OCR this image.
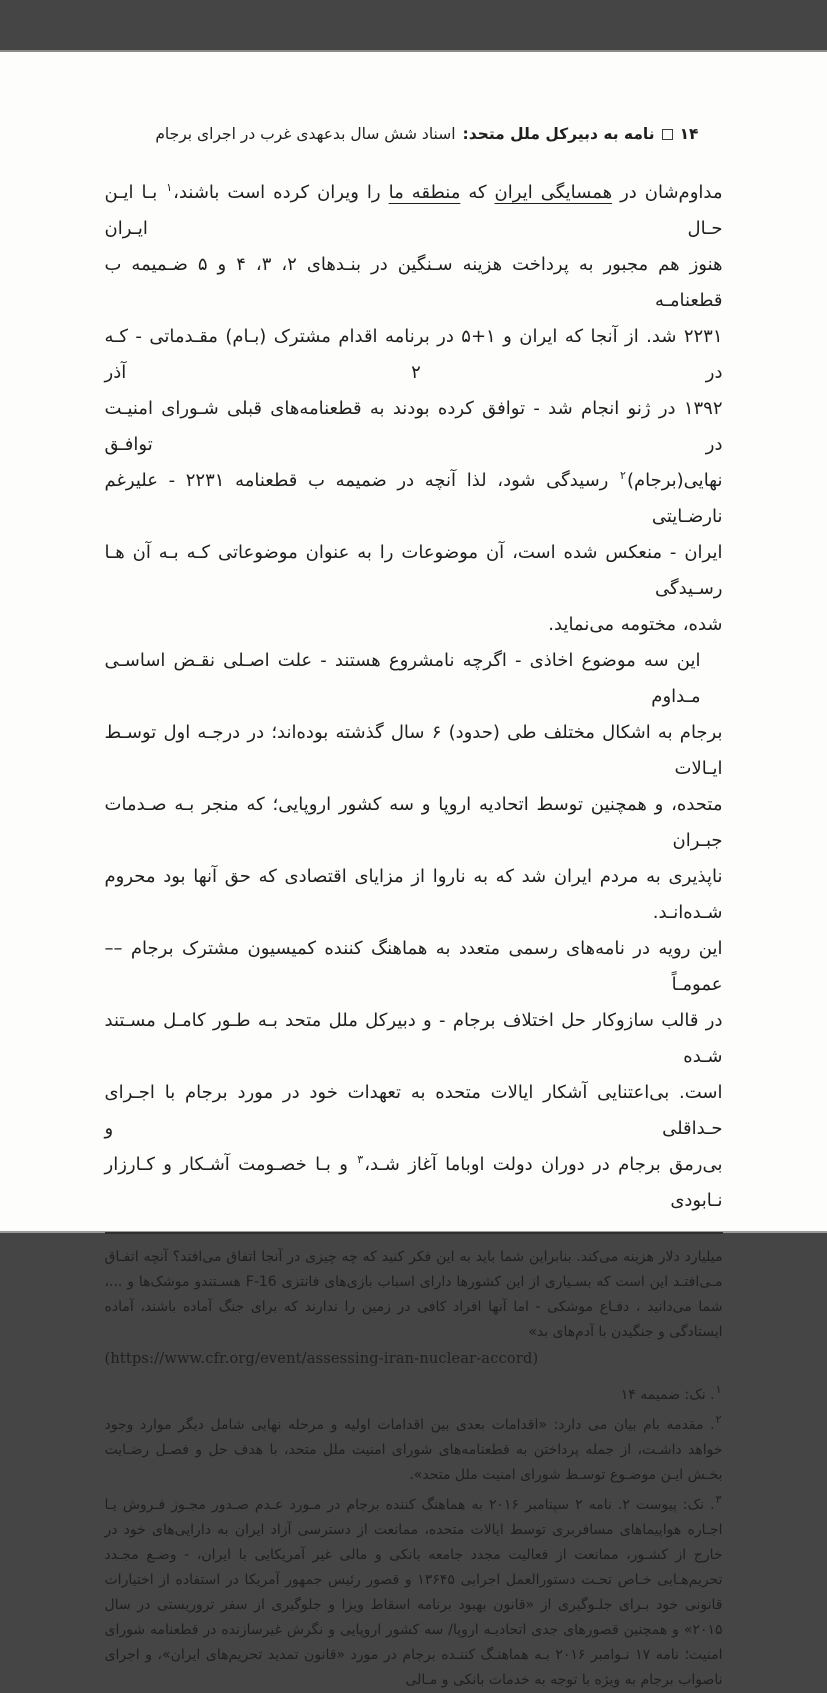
۱۴
نامه به دبیرکل ملل متحد:
اسناد شش سال بدعهدی غرب در اجرای برجام
مداوم‌شان در همسایگی ایران که منطقه ما را ویران کرده است باشند،$^۱$ بـا ایـن حـال ایـران
هنوز هم مجبور به پرداخت هزینه سـنگین در بنـدهای ۲، ۳، ۴ و ۵ ضـمیمه ب قطعنامـه
۲۲۳۱ شد. از آنجا که ایران و ۵+۱ در برنامه اقدام مشترک (بـام) مقـدماتی - کـه در ۲ آذر
۱۳۹۲ در ژنو انجام شد - توافق کرده بودند به قطعنامه‌های قبلی شـورای امنیـت در توافـق
نهایی(برجام)$^۲$ رسیدگی شود، لذا آنچه در ضمیمه ب قطعنامه ۲۲۳۱ - علیرغم نارضـایتی
ایران - منعکس شده است، آن موضوعات را به عنوان موضوعاتی کـه بـه آن هـا رسـیدگی
شده، مختومه می‌نماید.
این سه موضوع اخاذی - اگرچه نامشروع هستند - علت اصـلی نقـض اساسـی مـداوم
برجام به اشکال مختلف طی (حدود) ۶ سال گذشته بوده‌اند؛ در درجـه اول توسـط ایـالات
متحده، و همچنین توسط اتحادیه اروپا و سه کشور اروپایی؛ که منجر بـه صـدمات جبـران
ناپذیری به مردم ایران شد که به ناروا از مزایای اقتصادی که حق آنها بود محروم شـده‌انـد.
این رویه در نامه‌های رسمی متعدد به هماهنگ کننده کمیسیون مشترک برجام –– عمومـاً
در قالب سازوکار حل اختلاف برجام - و دبیرکل ملل متحد بـه طـور کامـل مسـتند شـده
است. بی‌اعتنایی آشکار ایالات متحده به تعهدات خود در مورد برجام با اجـرای حـداقلی و
بی‌رمق برجام در دوران دولت اوباما آغاز شـد،$^۳$ و بـا خصـومت آشـکار و کـارزار نـابودی
میلیارد دلار هزینه می‌کند. بنابراین شما باید به این فکر کنید که چه چیزی در آنجا اتفاق می‌افتد؟ آنچه اتفـاق مـی‌افتـد این است که بسـیاری از این کشورها دارای اسباب بازی‌های فانتزی F-16 هسـتندو موشک‌ها و ...، شما می‌دانید ، دفـاع موشکی - اما آنها افراد کافی در زمین را ندارند که برای جنگ آماده باشند، آماده ایستادگی و جنگیدن با آدم‌های بد»
(https://www.cfr.org/event/assessing-iran-nuclear-accord)
$^۱$. نک: ضمیمه ۱۴
$^۲$. مقدمه بام بیان می دارد: «اقدامات بعدی بین اقدامات اولیه و مرحله نهایی شامل دیگر موارد وجود خواهد داشـت، از جمله پرداختن به قطعنامه‌های شورای امنیت ملل متحد، با هدف حل و فصـل رضـایت بخـش ایـن موضـوع توسـط شورای امنیت ملل متحد».
$^۳$. نک: پیوست ۲. نامه ۲ سپتامبر ۲۰۱۶ به هماهنگ کننده برجام در مـورد عـدم صـدور مجـوز فـروش یـا اجـاره هواپیماهای مسافربری توسط ایالات متحده، ممانعت از دسترسی آزاد ایران به دارایی‌های خود در خارج از کشـور، ممانعت از فعالیت مجدد جامعه بانکی و مالی غیر آمریکایی با ایران، - وضـع مجـدد تحریم‌هـایی خـاص تحـت دستورالعمل اجرایی ۱۳۶۴۵ و قصور رئیس جمهور آمریکا در استفاده از اختیارات قانونی خود بـرای جلـوگیری از «قانون بهبود برنامه اسقاط ویزا و جلوگیری از سفر تروریستی در سال ۲۰۱۵» و همچنین قصورهای جدی اتحادیـه اروپا/ سه کشور اروپایی و نگرش غیرسازنده در قطعنامه شورای امنیت؛ نامه ۱۷ نـوامبر ۲۰۱۶ بـه هماهنـگ کننـده برجام در مورد «قانون تمدید تحریم‌های ایران»، و اجرای ناصواب برجام به ویژه با توجه به خدمات بانکی و مـالی
